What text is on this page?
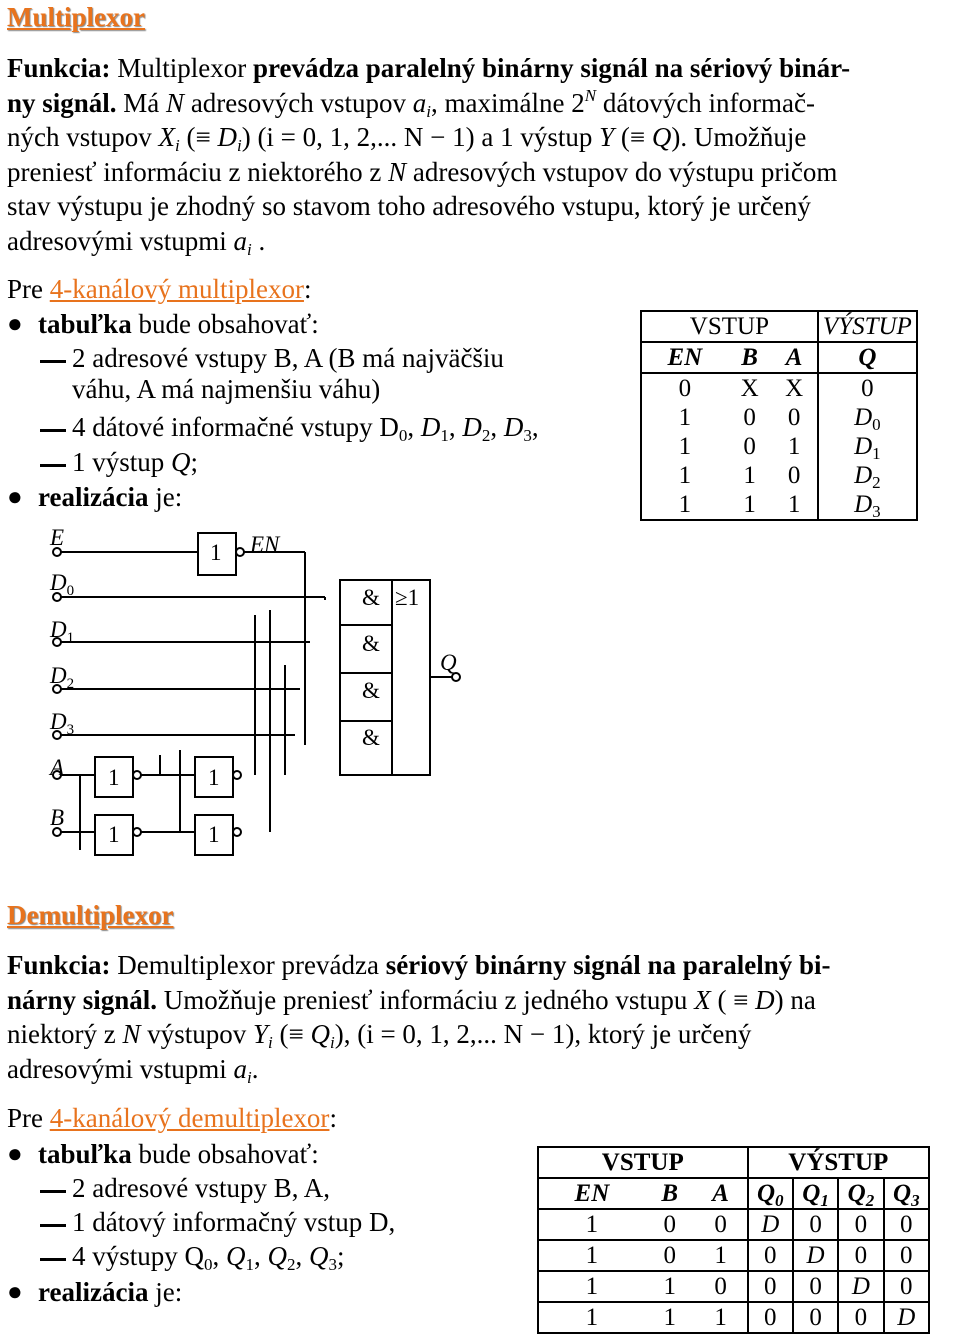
Multiplexor
Funkcia: Multiplexor prevádza paralelný binárny signál na sériový binár-
ny signál. Má N adresových vstupov $a_i$, maximálne $2^N$ dátových informač-
ných vstupov $X_i$ (≡ $D_i$) (i = 0, 1, 2,... N − 1) a 1 výstup Y (≡ Q). Umožňuje
preniesť informáciu z niektorého z N adresových vstupov do výstupu pričom
stav výstupu je zhodný so stavom toho adresového vstupu, ktorý je určený
adresovými vstupmi $a_i$ .
Pre 4-kanálový multiplexor:
● tabuľka bude obsahovať:
2 adresové vstupy B, A (B má najväčšiu
váhu, A má najmenšiu váhu)
4 dátové informačné vstupy $D_0$, $D_1$, $D_2$, $D_3$,
1 výstup Q;
● realizácia je:
VSTUP			VÝSTUP
EN	B	A	Q
0	X	X	0
1	0	0	$D_0$
1	0	1	$D_1$
1	1	0	$D_2$
1	1	1	$D_3$
E
1 EN
$D_0$
$D_1$
$D_2$
$D_3$
A
B
1	1
1	1
&
&
&
&
≥1
Q
Demultiplexor
Funkcia: Demultiplexor prevádza sériový binárny signál na paralelný bi-
nárny signál. Umožňuje preniesť informáciu z jedného vstupu X ( ≡ D) na
niektorý z N výstupov $Y_i$ (≡ $Q_i$), (i = 0, 1, 2,... N − 1), ktorý je určený
adresovými vstupmi $a_i$.
Pre 4-kanálový demultiplexor:
● tabuľka bude obsahovať:
2 adresové vstupy B, A,
1 dátový informačný vstup D,
4 výstupy $Q_0$, $Q_1$, $Q_2$, $Q_3$;
● realizácia je:
VSTUP			VÝSTUP			
EN	B	A	$Q_0$	$Q_1$	$Q_2$	$Q_3$
1	0	0	D	0	0	0
1	0	1	0	D	0	0
1	1	0	0	0	D	0
1	1	1	0	0	0	D
